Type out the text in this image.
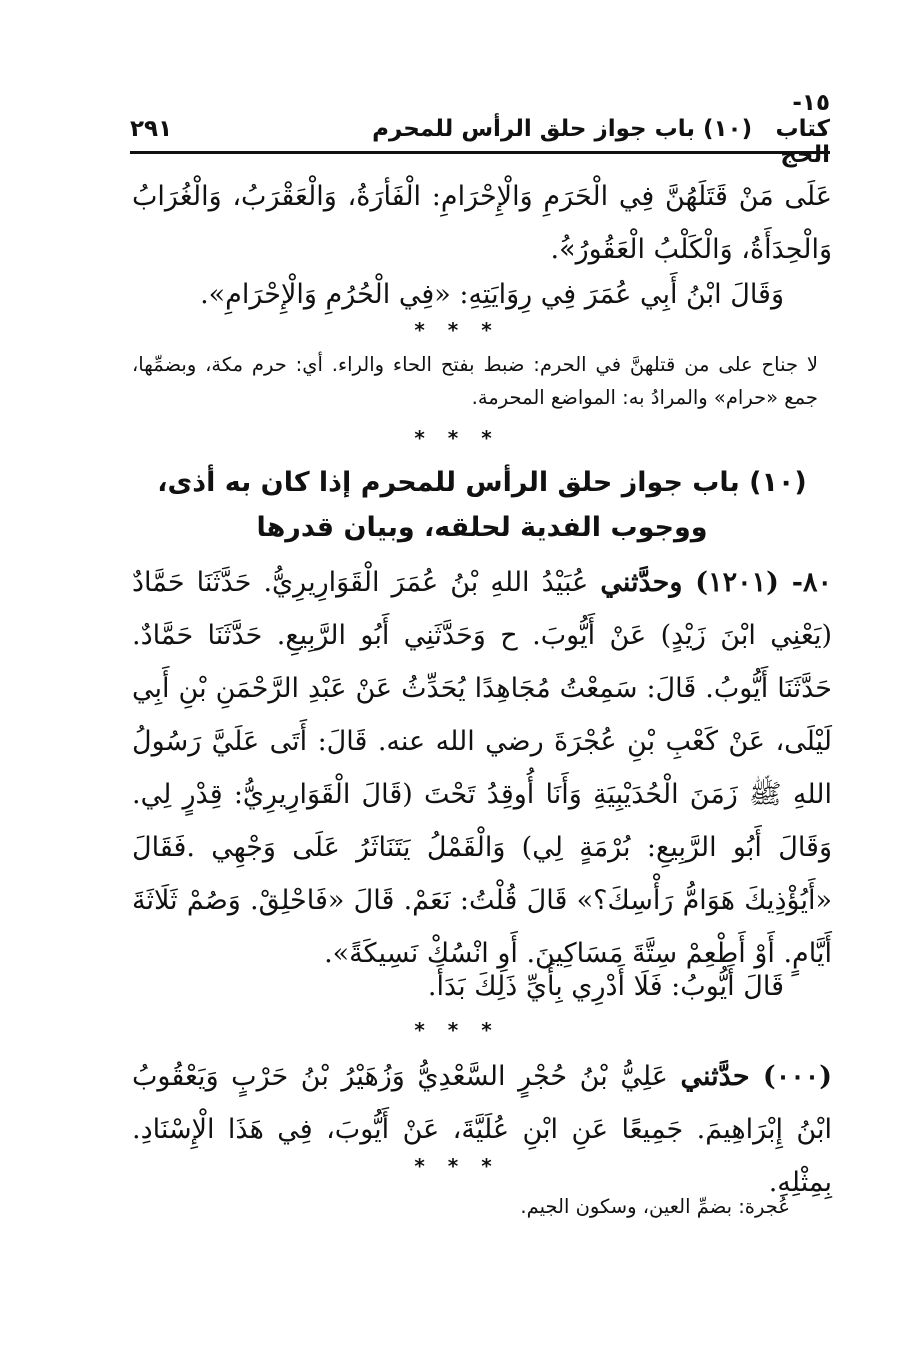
١٥- كتاب الحج
(١٠) باب جواز حلق الرأس للمحرم
٢٩١

عَلَى مَنْ قَتَلَهُنَّ فِي الْحَرَمِ وَالْإِحْرَامِ: الْفَأرَةُ، وَالْعَقْرَبُ، وَالْغُرَابُ وَالْحِدَأَةُ، وَالْكَلْبُ الْعَقُورُ»ُ.

وَقَالَ ابْنُ أَبِي عُمَرَ فِي رِوَايَتِهِ: «فِي الْحُرُمِ وَالْإِحْرَامِ».

* * *

لا جناح على من قتلهنَّ في الحرم: ضبط بفتح الحاء والراء. أي: حرم مكة، وبضمِّها، جمع «حرام» والمرادُ به: المواضع المحرمة.

* * *

(١٠) باب جواز حلق الرأس للمحرم إذا كان به أذى،

ووجوب الفدية لحلقه، وبيان قدرها

٨٠- (١٢٠١) وحدَّثني عُبَيْدُ اللهِ بْنُ عُمَرَ الْقَوَارِيرِيُّ. حَدَّثَنَا حَمَّادٌ (يَعْنِي ابْنَ زَيْدٍ) عَنْ أَيُّوبَ. ح وَحَدَّثَنِي أَبُو الرَّبِيعِ. حَدَّثَنَا حَمَّادٌ. حَدَّثَنَا أَيُّوبُ. قَالَ: سَمِعْتُ مُجَاهِدًا يُحَدِّثُ عَنْ عَبْدِ الرَّحْمَنِ بْنِ أَبِي لَيْلَى، عَنْ كَعْبِ بْنِ عُجْرَةَ رضي الله عنه. قَالَ: أَتَى عَلَيَّ رَسُولُ اللهِ ﷺ زَمَنَ الْحُدَيْبِيَةِ وَأَنَا أُوقِدُ تَحْتَ (قَالَ الْقَوَارِيرِيُّ: قِدْرٍ لِي. وَقَالَ أَبُو الرَّبِيعِ: بُرْمَةٍ لِي) وَالْقَمْلُ يَتَنَاثَرُ عَلَى وَجْهِي .فَقَالَ «أَيُؤْذِيكَ هَوَامُّ رَأْسِكَ؟» قَالَ قُلْتُ: نَعَمْ. قَالَ «فَاحْلِقْ. وَصُمْ ثَلَاثَةَ أَيَّامٍ. أَوْ أَطْعِمْ سِتَّةَ مَسَاكِينَ. أَوِ انْسُكْ نَسِيكَةً».

قَالَ أَيُّوبُ: فَلَا أَدْرِي بِأَيِّ ذَلِكَ بَدَأَ.

* * *

(٠٠٠) حدَّثني عَلِيُّ بْنُ حُجْرٍ السَّعْدِيُّ وَزُهَيْرُ بْنُ حَرْبٍ وَيَعْقُوبُ ابْنُ إِبْرَاهِيمَ. جَمِيعًا عَنِ ابْنِ عُلَيَّةَ، عَنْ أَيُّوبَ، فِي هَذَا الْإِسْنَادِ. بِمِثْلِهِ.

* * *

عُجرة: بضمِّ العين، وسكون الجيم.
